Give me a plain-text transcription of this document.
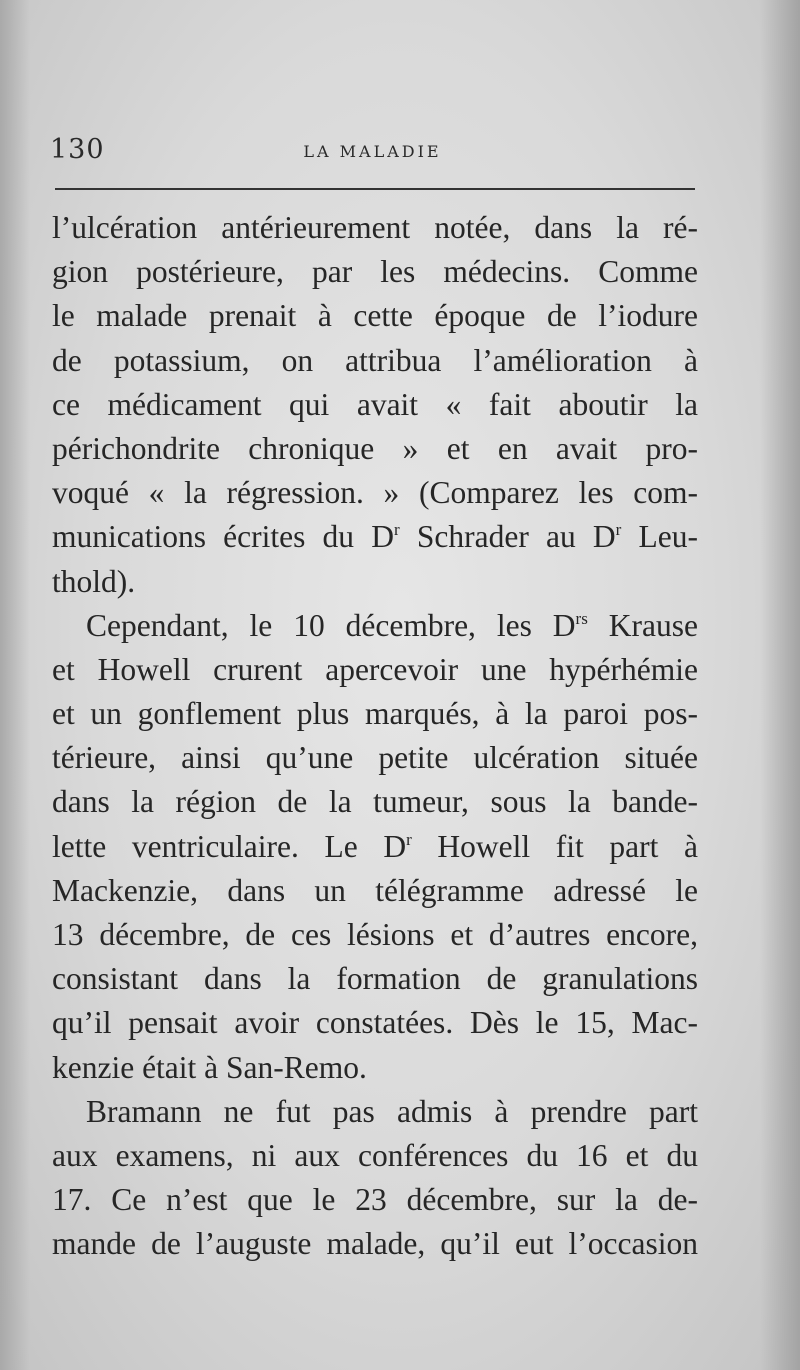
130	LA MALADIE
l’ulcération antérieurement notée, dans la ré-
gion postérieure, par les médecins. Comme
le malade prenait à cette époque de l’iodure
de potassium, on attribua l’amélioration à
ce médicament qui avait « fait aboutir la
périchondrite chronique » et en avait pro-
voqué « la régression. » (Comparez les com-
munications écrites du $D^r$ Schrader au $D^r$ Leu-
thold).
Cependant, le 10 décembre, les $D^{rs}$ Krause
et Howell crurent apercevoir une hypérhémie
et un gonflement plus marqués, à la paroi pos-
térieure, ainsi qu’une petite ulcération située
dans la région de la tumeur, sous la bande-
lette ventriculaire. Le $D^r$ Howell fit part à
Mackenzie, dans un télégramme adressé le
13 décembre, de ces lésions et d’autres encore,
consistant dans la formation de granulations
qu’il pensait avoir constatées. Dès le 15, Mac-
kenzie était à San-Remo.
Bramann ne fut pas admis à prendre part
aux examens, ni aux conférences du 16 et du
17. Ce n’est que le 23 décembre, sur la de-
mande de l’auguste malade, qu’il eut l’occasion
